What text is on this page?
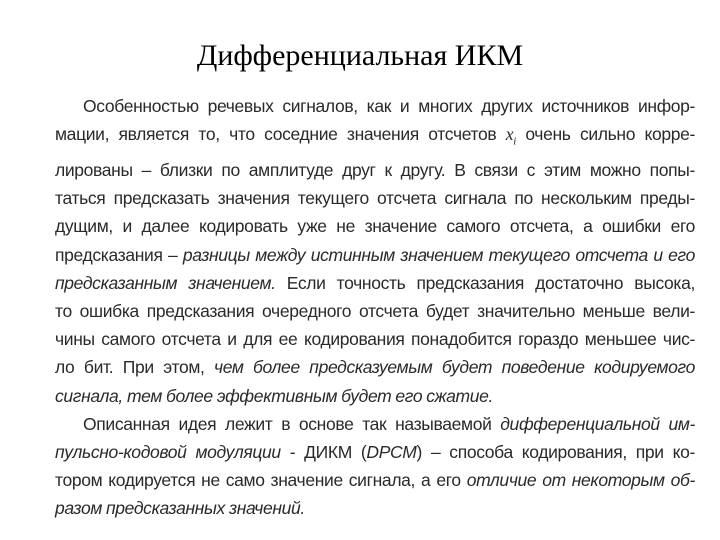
Дифференциальная ИКМ
Особенностью речевых сигналов, как и многих других источников инфор-
мации, является то, что соседние значения отсчетов $x_i$ очень сильно корре-
лированы – близки по амплитуде друг к другу. В связи с этим можно попы-
таться предсказать значения текущего отсчета сигнала по нескольким преды-
дущим, и далее кодировать уже не значение самого отсчета, а ошибки его
предсказания – разницы между истинным значением текущего отсчета и его
предсказанным значением. Если точность предсказания достаточно высока,
то ошибка предсказания очередного отсчета будет значительно меньше вели-
чины самого отсчета и для ее кодирования понадобится гораздо меньшее чис-
ло бит. При этом, чем более предсказуемым будет поведение кодируемого
сигнала, тем более эффективным будет его сжатие.
Описанная идея лежит в основе так называемой дифференциальной им-
пульсно-кодовой модуляции - ДИКМ (DPCM) – способа кодирования, при ко-
тором кодируется не само значение сигнала, а его отличие от некоторым об-
разом предсказанных значений.
